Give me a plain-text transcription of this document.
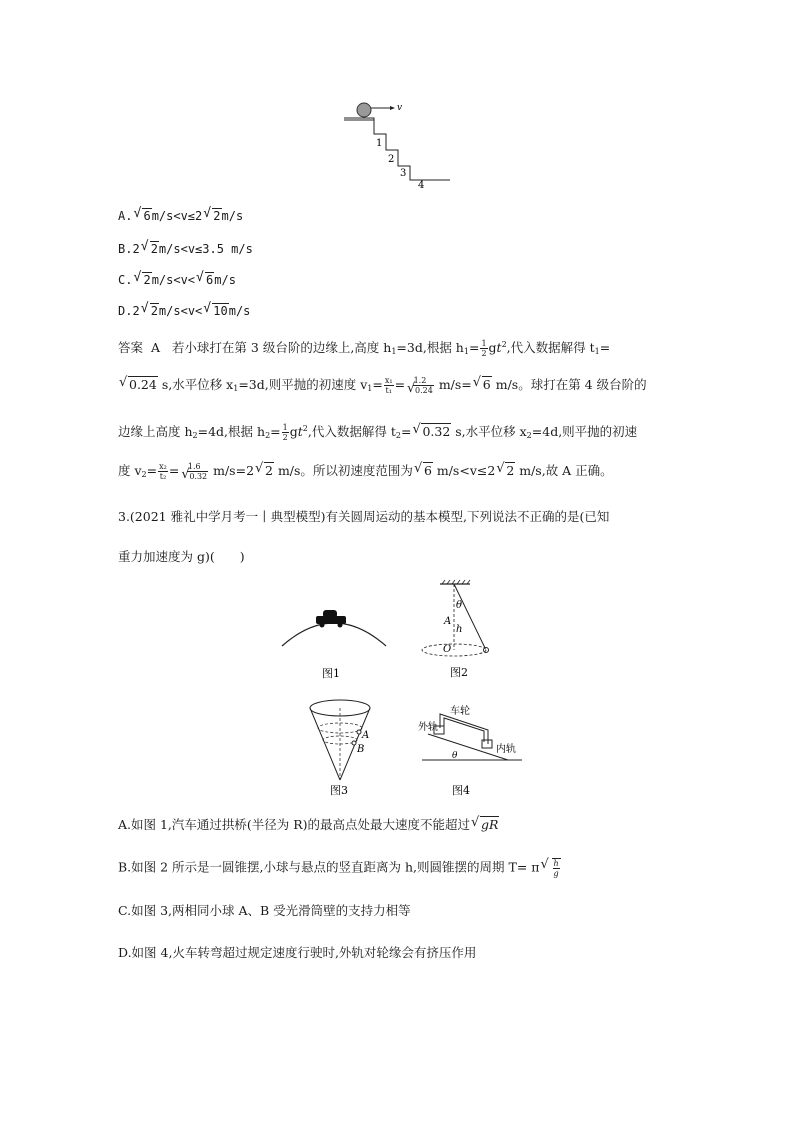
v
1
2
3
4
A.√ 6m/s<v≤2√ 2m/s
B.2√ 2m/s<v≤3.5 m/s
C.√ 2m/s<v<√ 6m/s
D.2√ 2m/s<v<√ 10m/s
答案 A 若小球打在第 3 级台阶的边缘上,高度 $h_1=3d$,根据 $h_1= \frac{1}{2} gt^2$,代入数据解得 $t_1=$
√ 0.24 s,水平位移 $x_1=3d$,则平抛的初速度 $v_1= \frac{\text{x₁}}{\text{t₁}} = 1.2$
√ 0.24 m/s=√ 6 m/s。球打在第 4 级台阶的
边缘上高度 $h_2=4d$,根据 $h_2= \frac{1}{2} gt^2$,代入数据解得 $t_2=√$ 0.32 s,水平位移 $x_2=4d$,则平抛的初速
度 $v_2= \frac{\text{x₂}}{\text{t₂}} = 1.6$
√ 0.32 m/s=2√ 2 m/s。所以初速度范围为√ 6 m/s<v≤2√ 2 m/s,故 A 正确。
3.(2021 雅礼中学月考一丨典型模型)有关圆周运动的基本模型,下列说法不正确的是(已知
重力加速度为 g)(　　)
图1
θ
A
h
O
图2
A
B
图3
车轮
外轨
内轨
θ
图4
A.如图 1,汽车通过拱桥(半径为 R)的最高点处最大速度不能超过√ gR
B.如图 2 所示是一圆锥摆,小球与悬点的竖直距离为 h,则圆锥摆的周期 T= π
√ $\frac{h}{g}$
C.如图 3,两相同小球 A、B 受光滑筒壁的支持力相等
D.如图 4,火车转弯超过规定速度行驶时,外轨对轮缘会有挤压作用
